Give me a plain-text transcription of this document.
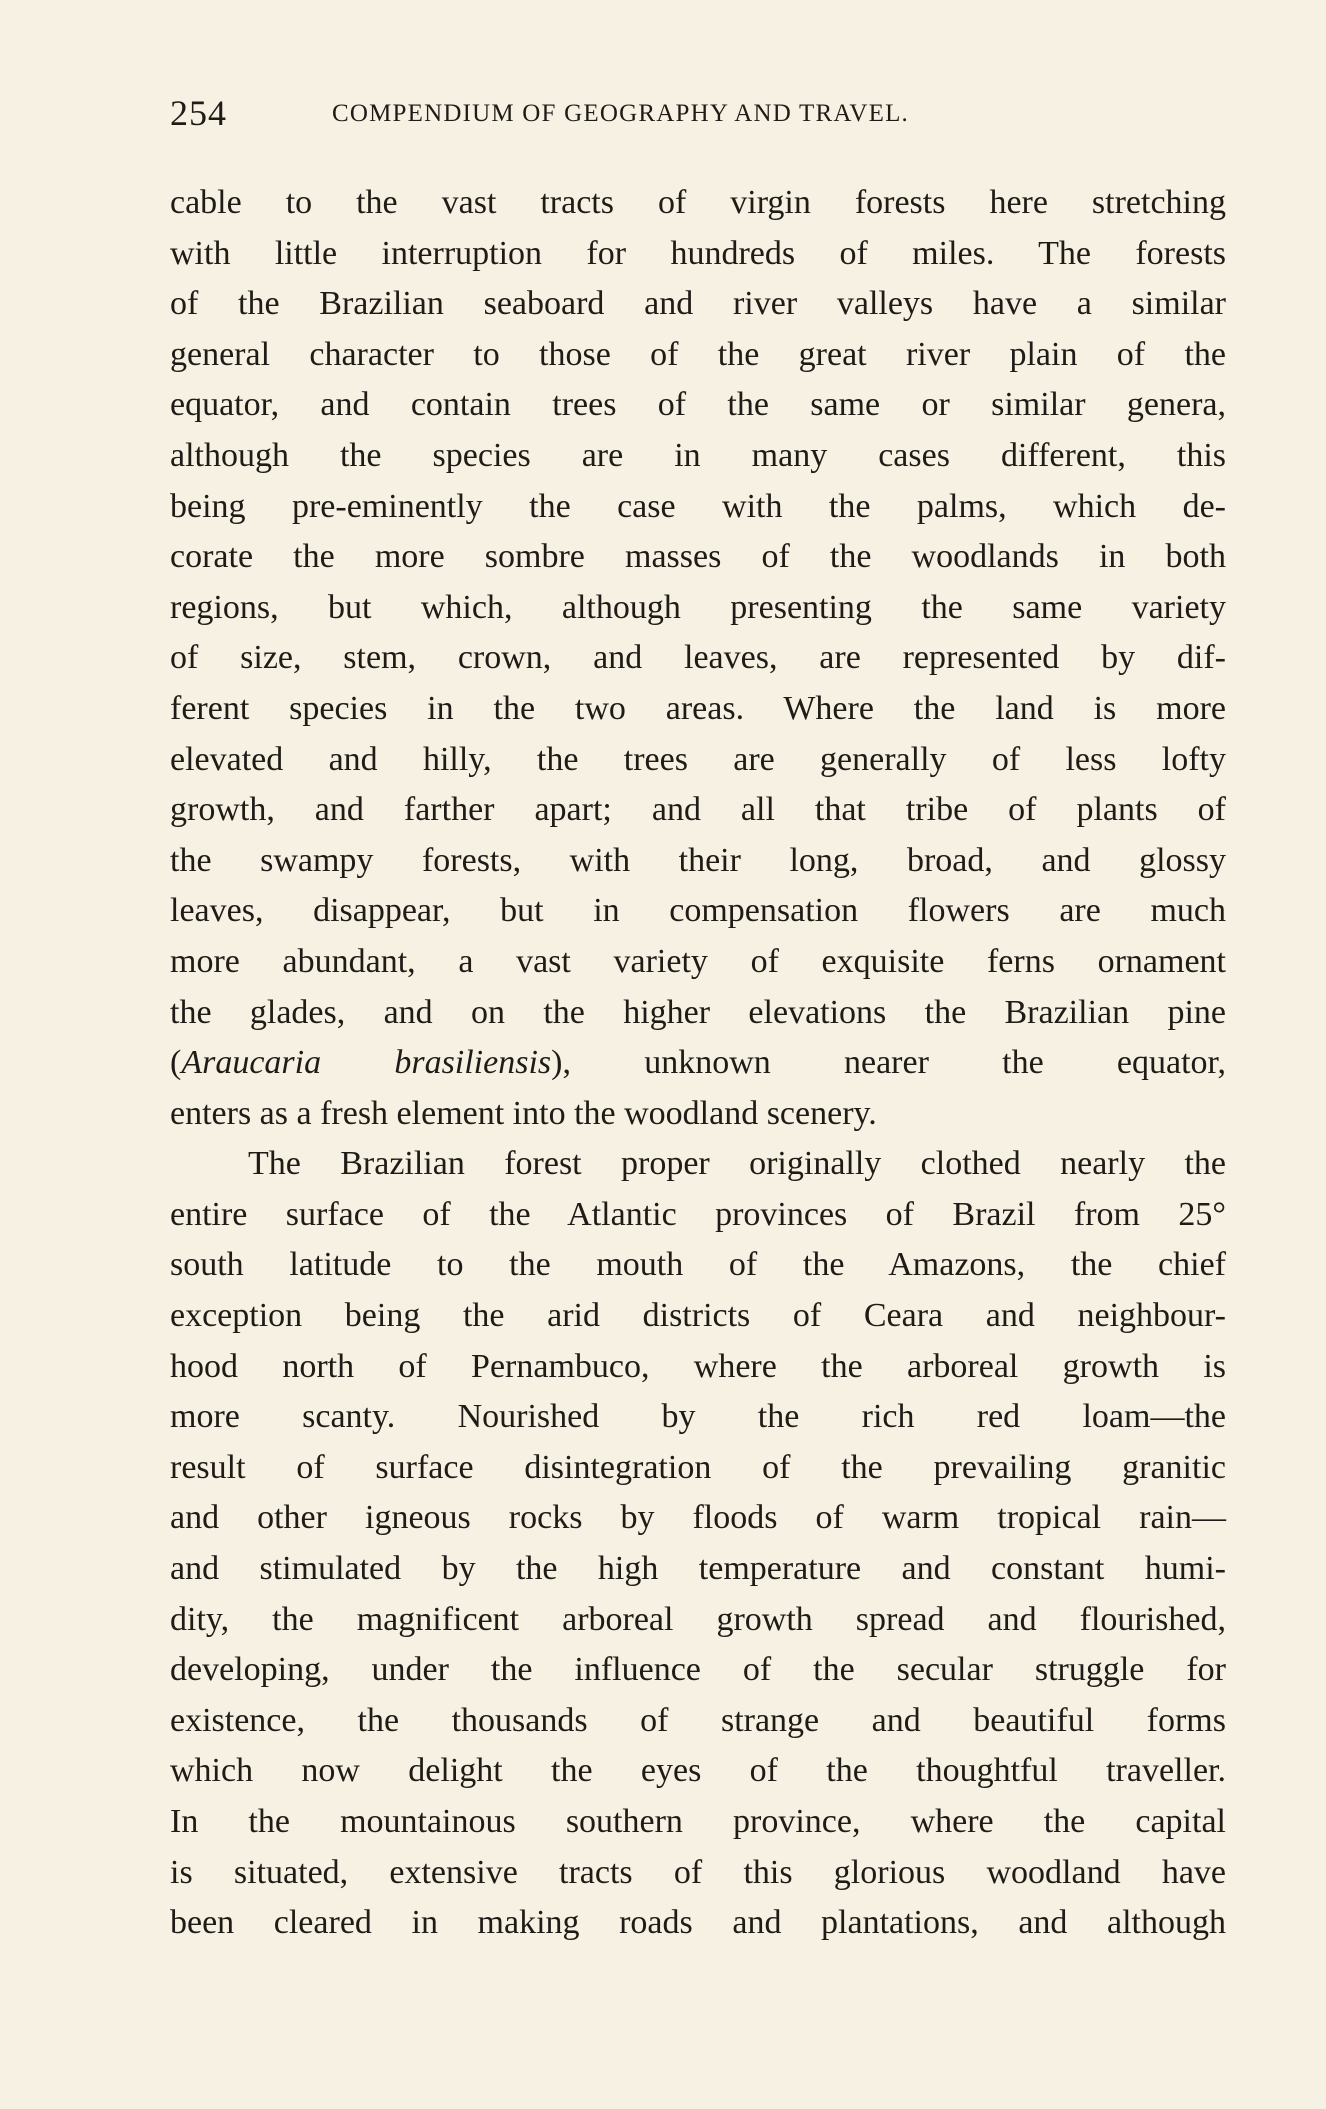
254	COMPENDIUM OF GEOGRAPHY AND TRAVEL.
cable to the vast tracts of virgin forests here stretching
with little interruption for hundreds of miles. The forests
of the Brazilian seaboard and river valleys have a similar
general character to those of the great river plain of the
equator, and contain trees of the same or similar genera,
although the species are in many cases different, this
being pre-eminently the case with the palms, which de-
corate the more sombre masses of the woodlands in both
regions, but which, although presenting the same variety
of size, stem, crown, and leaves, are represented by dif-
ferent species in the two areas. Where the land is more
elevated and hilly, the trees are generally of less lofty
growth, and farther apart; and all that tribe of plants of
the swampy forests, with their long, broad, and glossy
leaves, disappear, but in compensation flowers are much
more abundant, a vast variety of exquisite ferns ornament
the glades, and on the higher elevations the Brazilian pine
(Araucaria brasiliensis), unknown nearer the equator,
enters as a fresh element into the woodland scenery.
The Brazilian forest proper originally clothed nearly the
entire surface of the Atlantic provinces of Brazil from 25°
south latitude to the mouth of the Amazons, the chief
exception being the arid districts of Ceara and neighbour-
hood north of Pernambuco, where the arboreal growth is
more scanty. Nourished by the rich red loam—the
result of surface disintegration of the prevailing granitic
and other igneous rocks by floods of warm tropical rain—
and stimulated by the high temperature and constant humi-
dity, the magnificent arboreal growth spread and flourished,
developing, under the influence of the secular struggle for
existence, the thousands of strange and beautiful forms
which now delight the eyes of the thoughtful traveller.
In the mountainous southern province, where the capital
is situated, extensive tracts of this glorious woodland have
been cleared in making roads and plantations, and although
